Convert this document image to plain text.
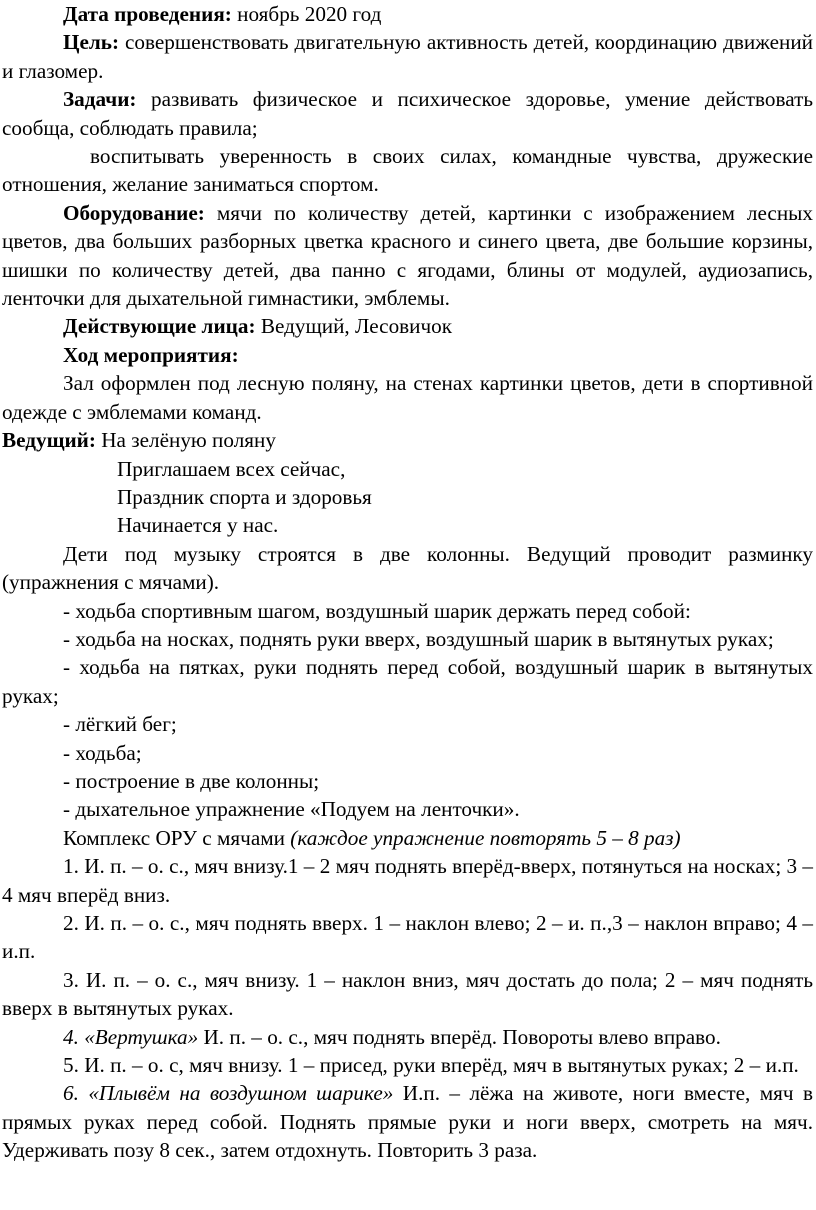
Дата проведения: ноябрь 2020 год

Цель: совершенствовать двигательную активность детей, координацию движений и глазомер.

Задачи: развивать физическое и психическое здоровье, умение действовать сообща, соблюдать правила;

воспитывать уверенность в своих силах, командные чувства, дружеские отношения, желание заниматься спортом.

Оборудование: мячи по количеству детей, картинки с изображением лесных цветов, два больших разборных цветка красного и синего цвета, две большие корзины, шишки по количеству детей, два панно с ягодами, блины от модулей, аудиозапись, ленточки для дыхательной гимнастики, эмблемы.

Действующие лица: Ведущий, Лесовичок

Ход мероприятия:

Зал оформлен под лесную поляну, на стенах картинки цветов, дети в спортивной одежде с эмблемами команд.

Ведущий: На зелёную поляну

Приглашаем всех сейчас,

Праздник спорта и здоровья

Начинается у нас.

Дети под музыку строятся в две колонны. Ведущий проводит разминку (упражнения с мячами).

- ходьба спортивным шагом, воздушный шарик держать перед собой:

- ходьба на носках, поднять руки вверх, воздушный шарик в вытянутых руках;

- ходьба на пятках, руки поднять перед собой, воздушный шарик в вытянутых руках;

- лёгкий бег;

- ходьба;

- построение в две колонны;

- дыхательное упражнение «Подуем на ленточки».

Комплекс ОРУ с мячами (каждое упражнение повторять 5 – 8 раз)

1. И. п. – о. с., мяч внизу.1 – 2 мяч поднять вперёд-вверх, потянуться на носках; 3 – 4 мяч вперёд вниз.

2. И. п. – о. с., мяч поднять вверх. 1 – наклон влево; 2 – и. п.,3 – наклон вправо; 4 – и.п.

3. И. п. – о. с., мяч внизу. 1 – наклон вниз, мяч достать до пола; 2 – мяч поднять вверх в вытянутых руках.

4. «Вертушка» И. п. – о. с., мяч поднять вперёд. Повороты влево вправо.

5. И. п. – о. с, мяч внизу. 1 – присед, руки вперёд, мяч в вытянутых руках; 2 – и.п.

6. «Плывём на воздушном шарике» И.п. – лёжа на животе, ноги вместе, мяч в прямых руках перед собой. Поднять прямые руки и ноги вверх, смотреть на мяч. Удерживать позу 8 сек., затем отдохнуть. Повторить 3 раза.
